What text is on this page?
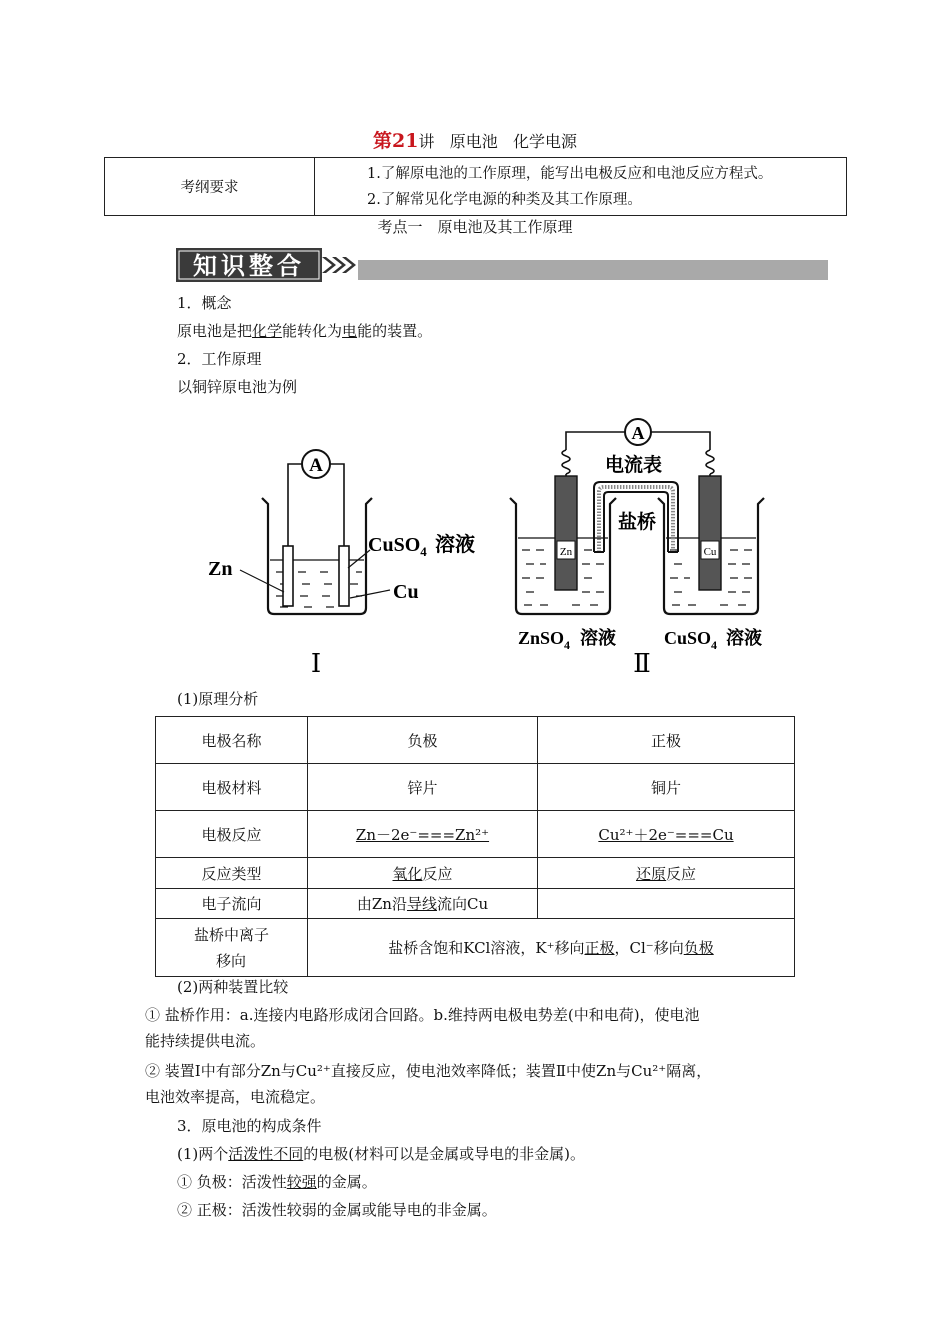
第21讲 原电池 化学电源
考纲要求	
1.了解原电池的工作原理，能写出电极反应和电池反应方程式。
2.了解常见化学电源的种类及其工作原理。
考点一　原电池及其工作原理
知识整合
1．概念
原电池是把化学能转化为电能的装置。
2．工作原理
以铜锌原电池为例
A
Zn
Cu
CuSO$_4$ 溶液
Ⅰ
A
电流表
Zn	Cu
盐桥
ZnSO$_4$ 溶液	CuSO$_4$ 溶液
Ⅱ
(1)原理分析
电极名称	负极	正极
电极材料	锌片	铜片
电极反应	Zn－2e⁻===Zn²⁺	Cu²⁺＋2e⁻===Cu
反应类型	氧化反应	还原反应
电子流向	由Zn沿导线流向Cu	

盐桥中离子
移向	盐桥含饱和KCl溶液，K⁺移向正极，Cl⁻移向负极	
(2)两种装置比较
① 盐桥作用：a.连接内电路形成闭合回路。b.维持两电极电势差(中和电荷)，使电池
能持续提供电流。
② 装置Ⅰ中有部分Zn与Cu²⁺直接反应，使电池效率降低；装置Ⅱ中使Zn与Cu²⁺隔离，
电池效率提高，电流稳定。
3．原电池的构成条件
(1)两个活泼性不同的电极(材料可以是金属或导电的非金属)。
① 负极：活泼性较强的金属。
② 正极：活泼性较弱的金属或能导电的非金属。
